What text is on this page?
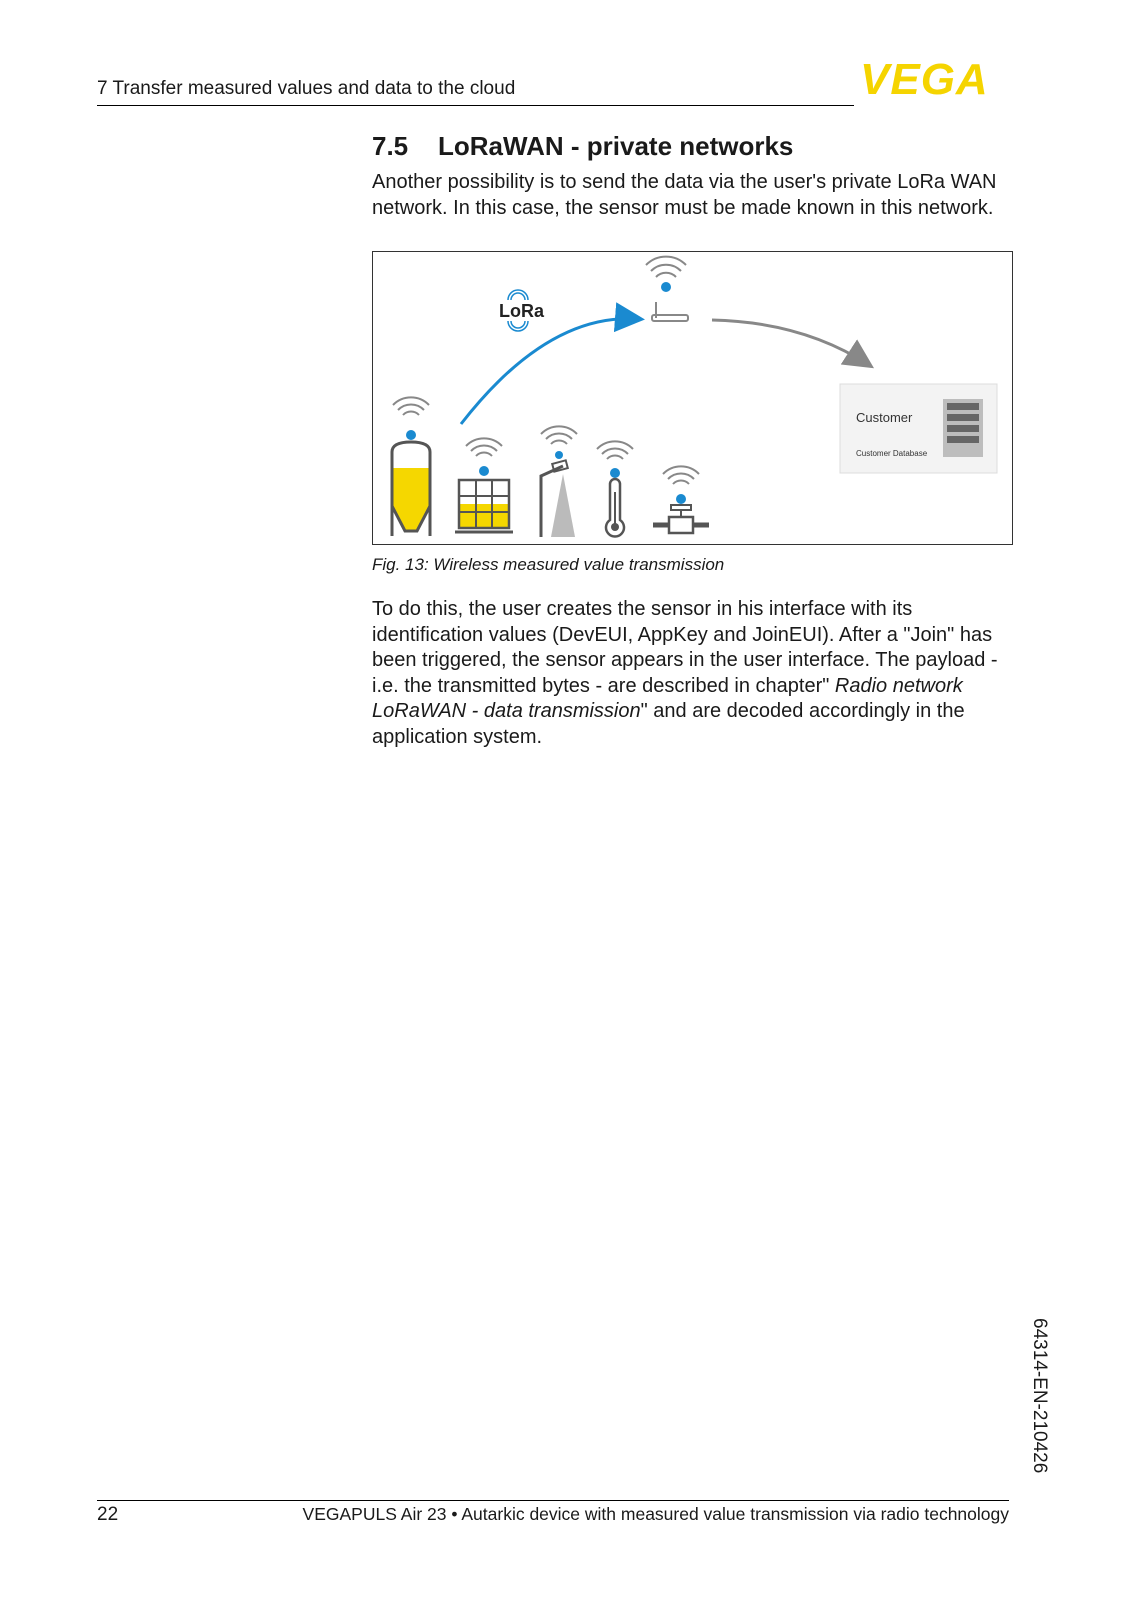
7 Transfer measured values and data to the cloud	VEGA
7.5 LoRaWAN - private networks
Another possibility is to send the data via the user's private LoRa WAN network. In this case, the sensor must be made known in this network.
LoRa
Customer
Customer Database
Fig. 13: Wireless measured value transmission
To do this, the user creates the sensor in his interface with its identification values (DevEUI, AppKey and JoinEUI). After a "Join" has been triggered, the sensor appears in the user interface. The payload - i.e. the transmitted bytes - are described in chapter" Radio network LoRaWAN - data transmission" and are decoded accordingly in the application system.
64314-EN-210426
22	VEGAPULS Air 23 • Autarkic device with measured value transmission via radio technology
